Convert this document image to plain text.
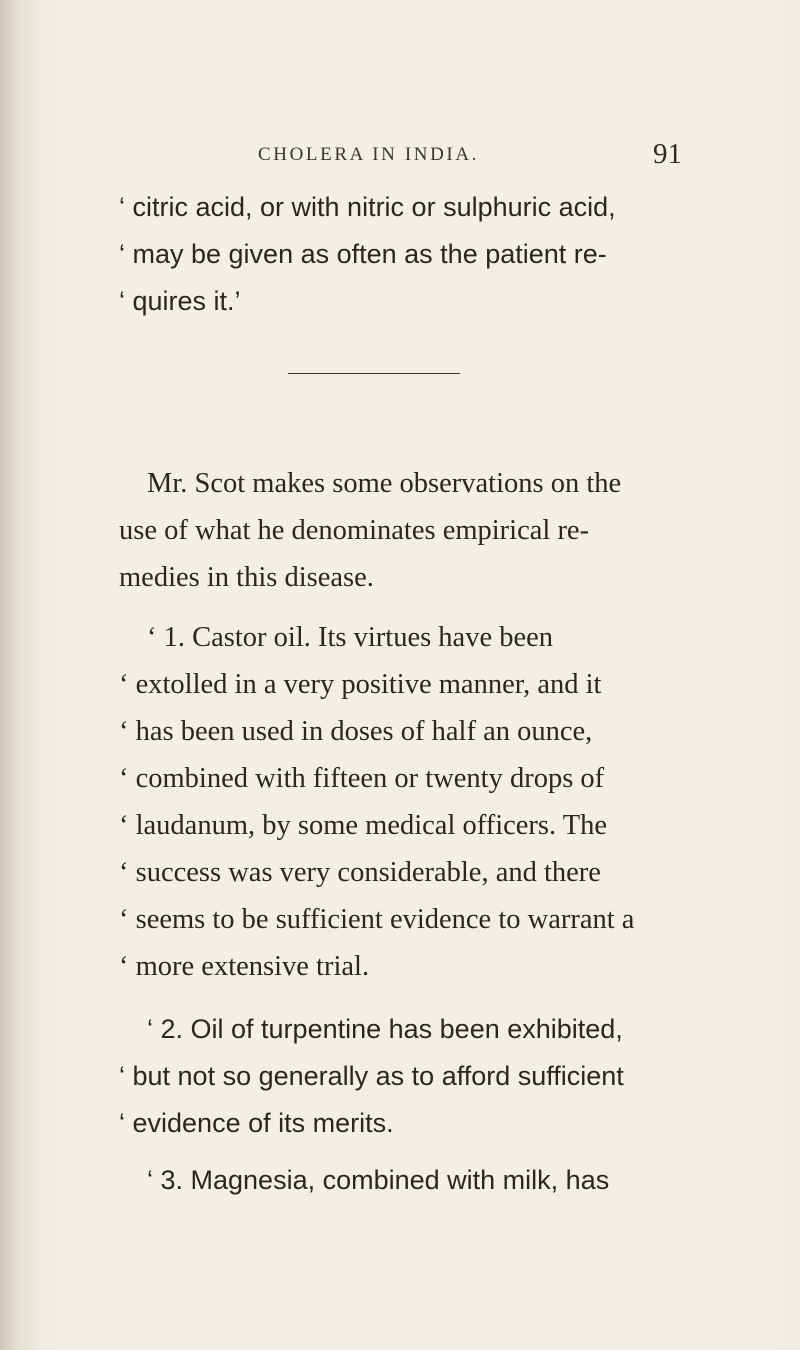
CHOLERA IN INDIA.	91
‘ citric acid, or with nitric or sulphuric acid,
‘ may be given as often as the patient re-
‘ quires it.’
Mr. Scot makes some observations on the
use of what he denominates empirical re-
medies in this disease.
‘ 1. Castor oil. Its virtues have been
‘ extolled in a very positive manner, and it
‘ has been used in doses of half an ounce,
‘ combined with fifteen or twenty drops of
‘ laudanum, by some medical officers. The
‘ success was very considerable, and there
‘ seems to be sufficient evidence to warrant a
‘ more extensive trial.
‘ 2. Oil of turpentine has been exhibited,
‘ but not so generally as to afford sufficient
‘ evidence of its merits.
‘ 3. Magnesia, combined with milk, has
